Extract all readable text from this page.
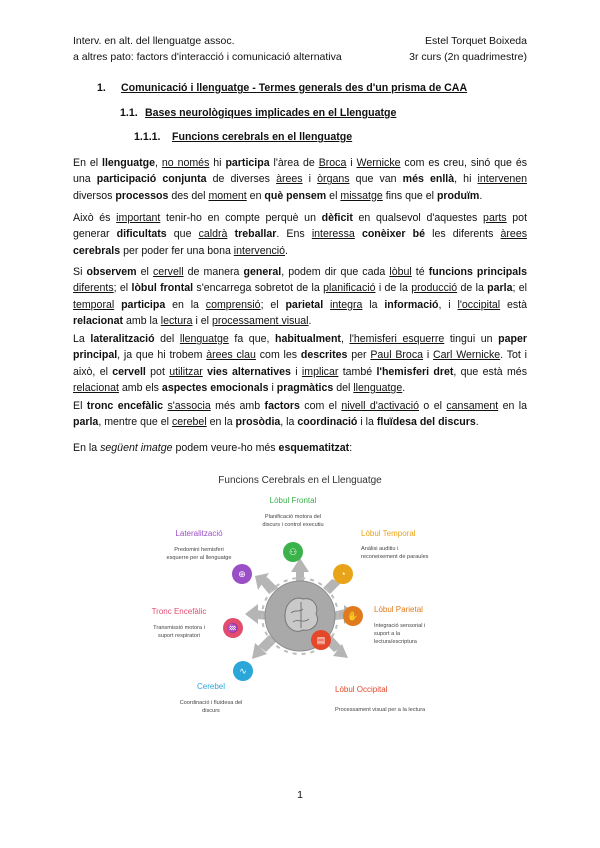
Interv. en alt. del llenguatge assoc.
a altres pato: factors d'interacció i comunicació alternativa
Estel Torquet Boixeda
3r curs (2n quadrimestre)
1. Comunicació i llenguatge - Termes generals des d'un prisma de CAA
1.1. Bases neurològiques implicades en el Llenguatge
1.1.1. Funcions cerebrals en el llenguatge
En el llenguatge, no només hi participa l'àrea de Broca i Wernicke com es creu, sinó que és una participació conjunta de diverses àrees i òrgans que van més enllà, hi intervenen diversos processos des del moment en què pensem el missatge fins que el produïm.
Això és important tenir-ho en compte perquè un dèficit en qualsevol d'aquestes parts pot generar dificultats que caldrà treballar. Ens interessa conèixer bé les diferents àrees cerebrals per poder fer una bona intervenció.
Si observem el cervell de manera general, podem dir que cada lòbul té funcions principals diferents; el lòbul frontal s'encarrega sobretot de la planificació i de la producció de la parla; el temporal participa en la comprensió; el parietal integra la informació, i l'occipital està relacionat amb la lectura i el processament visual.
La lateralització del llenguatge fa que, habitualment, l'hemisferi esquerre tingui un paper principal, ja que hi trobem àrees clau com les descrites per Paul Broca i Carl Wernicke. Tot i això, el cervell pot utilitzar vies alternatives i implicar també l'hemisferi dret, que està més relacionat amb els aspectes emocionals i pragmàtics del llenguatge.
El tronc encefàlic s'associa més amb factors com el nivell d'activació o el cansament en la parla, mentre que el cerebel en la prosòdia, la coordinació i la fluïdesa del discurs.
En la següent imatge podem veure-ho més esquematitzat:
Funcions Cerebrals en el Llenguatge
⚇
Lòbul Frontal
Planificació motora del
discurs i control executiu
◔
Lòbul Temporal
Anàlisi auditiu i
reconeixement de paraules
✋
Lòbul Parietal
Integració sensorial i
suport a la
lectura/escriptura
▤
Lòbul Occipital
Processament visual per a la lectura
∿
Cerebel
Coordinació i fluïdesa del
discurs
♒
Tronc Encefàlic
Transmissió motora i
suport respiratori
⊕
Lateralització
Predomini hemisferi
esquerre per al llenguatge
1
